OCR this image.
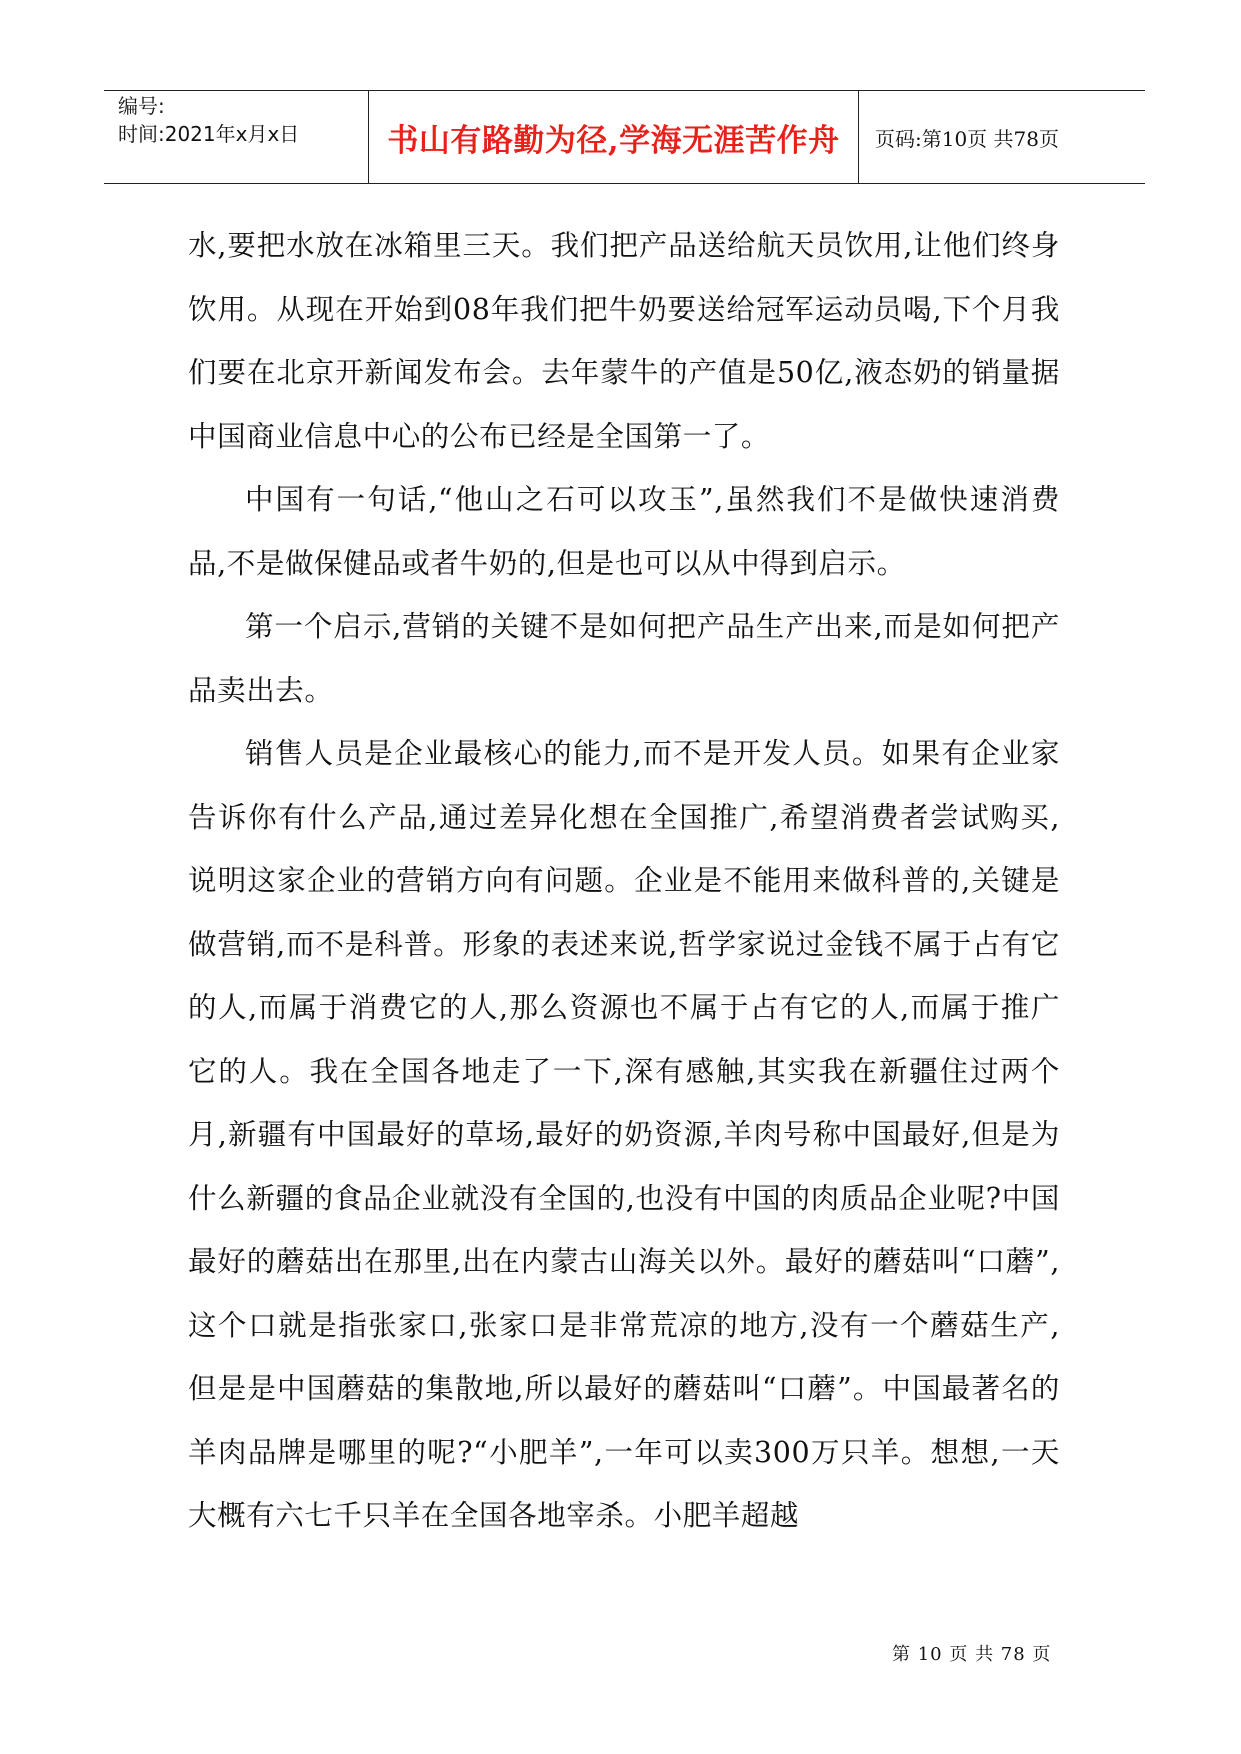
编号:
时间:2021年x月x日	书山有路勤为径,学海无涯苦作舟 页码:第10页 共78页

水,要把水放在冰箱里三天。我们把产品送给航天员饮用,让他们终身饮用。从现在开始到08年我们把牛奶要送给冠军运动员喝,下个月我们要在北京开新闻发布会。去年蒙牛的产值是50亿,液态奶的销量据中国商业信息中心的公布已经是全国第一了。

中国有一句话,“他山之石可以攻玉”,虽然我们不是做快速消费品,不是做保健品或者牛奶的,但是也可以从中得到启示。

第一个启示,营销的关键不是如何把产品生产出来,而是如何把产品卖出去。

销售人员是企业最核心的能力,而不是开发人员。如果有企业家告诉你有什么产品,通过差异化想在全国推广,希望消费者尝试购买,说明这家企业的营销方向有问题。企业是不能用来做科普的,关键是做营销,而不是科普。形象的表述来说,哲学家说过金钱不属于占有它的人,而属于消费它的人,那么资源也不属于占有它的人,而属于推广它的人。我在全国各地走了一下,深有感触,其实我在新疆住过两个月,新疆有中国最好的草场,最好的奶资源,羊肉号称中国最好,但是为什么新疆的食品企业就没有全国的,也没有中国的肉质品企业呢?中国最好的蘑菇出在那里,出在内蒙古山海关以外。最好的蘑菇叫“口蘑”,这个口就是指张家口,张家口是非常荒凉的地方,没有一个蘑菇生产,但是是中国蘑菇的集散地,所以最好的蘑菇叫“口蘑”。中国最著名的羊肉品牌是哪里的呢?“小肥羊”,一年可以卖300万只羊。想想,一天大概有六七千只羊在全国各地宰杀。小肥羊超越

第 10 页 共 78 页
